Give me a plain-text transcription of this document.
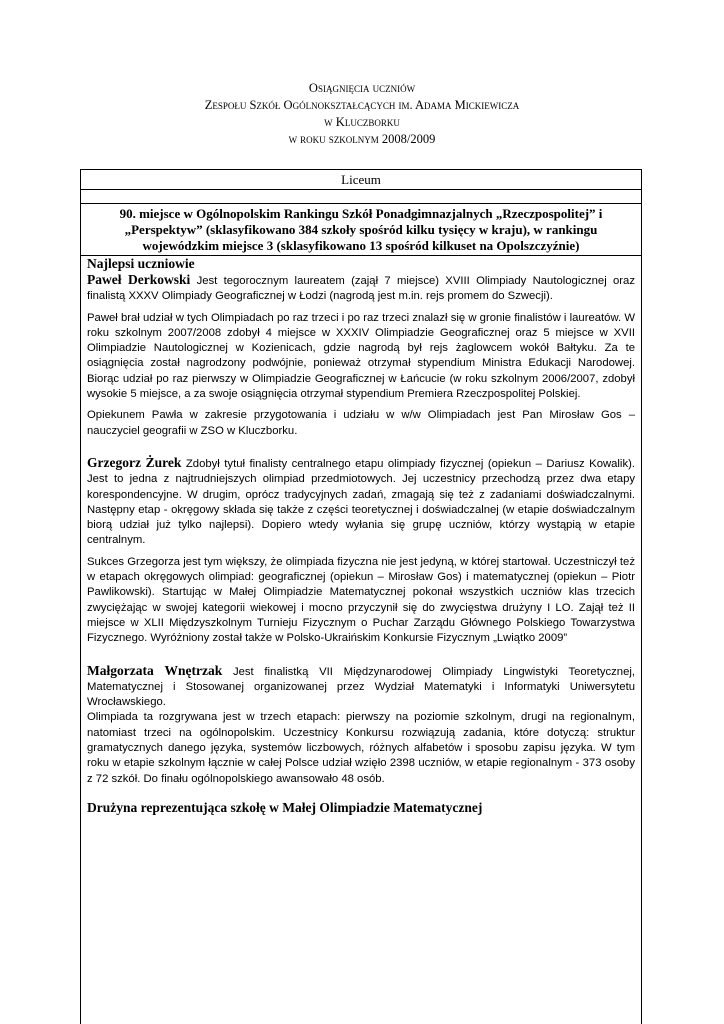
Osiągnięcia uczniów
Zespołu Szkół Ogólnokształcących im. Adama Mickiewicza
w Kluczborku
w roku szkolnym 2008/2009
Liceum
90. miejsce w Ogólnopolskim Rankingu Szkół Ponadgimnazjalnych „Rzeczpospolitej” i „Perspektyw” (sklasyfikowano 384 szkoły spośród kilku tysięcy w kraju), w rankingu wojewódzkim miejsce 3 (sklasyfikowano 13 spośród kilkuset na Opolszczyźnie)
Najlepsi uczniowie

Paweł Derkowski Jest tegorocznym laureatem (zajął 7 miejsce) XVIII Olimpiady Nautologicznej oraz finalistą XXXV Olimpiady Geograficznej w Łodzi (nagrodą jest m.in. rejs promem do Szwecji).

Paweł brał udział w tych Olimpiadach po raz trzeci i po raz trzeci znalazł się w gronie finalistów i laureatów. W roku szkolnym 2007/2008 zdobył 4 miejsce w XXXIV Olimpiadzie Geograficznej oraz 5 miejsce w XVII Olimpiadzie Nautologicznej w Kozienicach, gdzie nagrodą był rejs żaglowcem wokół Bałtyku. Za te osiągnięcia został nagrodzony podwójnie, ponieważ otrzymał stypendium Ministra Edukacji Narodowej. Biorąc udział po raz pierwszy w Olimpiadzie Geograficznej w Łańcucie (w roku szkolnym 2006/2007, zdobył wysokie 5 miejsce, a za swoje osiągnięcia otrzymał stypendium Premiera Rzeczpospolitej Polskiej.

Opiekunem Pawła w zakresie przygotowania i udziału w w/w Olimpiadach jest Pan Mirosław Gos – nauczyciel geografii w ZSO w Kluczborku.

Grzegorz Żurek Zdobył tytuł finalisty centralnego etapu olimpiady fizycznej (opiekun – Dariusz Kowalik). Jest to jedna z najtrudniejszych olimpiad przedmiotowych. Jej uczestnicy przechodzą przez dwa etapy korespondencyjne. W drugim, oprócz tradycyjnych zadań, zmagają się też z zadaniami doświadczalnymi. Następny etap - okręgowy składa się także z części teoretycznej i doświadczalnej (w etapie doświadczalnym biorą udział już tylko najlepsi). Dopiero wtedy wyłania się grupę uczniów, którzy wystąpią w etapie centralnym.

Sukces Grzegorza jest tym większy, że olimpiada fizyczna nie jest jedyną, w której startował. Uczestniczył też w etapach okręgowych olimpiad: geograficznej (opiekun – Mirosław Gos) i matematycznej (opiekun – Piotr Pawlikowski). Startując w Małej Olimpiadzie Matematycznej pokonał wszystkich uczniów klas trzecich zwyciężając w swojej kategorii wiekowej i mocno przyczynił się do zwycięstwa drużyny I LO. Zajął też II miejsce w XLII Międzyszkolnym Turnieju Fizycznym o Puchar Zarządu Głównego Polskiego Towarzystwa Fizycznego. Wyróżniony został także w Polsko-Ukraińskim Konkursie Fizycznym „Lwiątko 2009”

Małgorzata Wnętrzak Jest finalistką VII Międzynarodowej Olimpiady Lingwistyki Teoretycznej, Matematycznej i Stosowanej organizowanej przez Wydział Matematyki i Informatyki Uniwersytetu Wrocławskiego.

Olimpiada ta rozgrywana jest w trzech etapach: pierwszy na poziomie szkolnym, drugi na regionalnym, natomiast trzeci na ogólnopolskim. Uczestnicy Konkursu rozwiązują zadania, które dotyczą: struktur gramatycznych danego języka, systemów liczbowych, różnych alfabetów i sposobu zapisu języka. W tym roku w etapie szkolnym łącznie w całej Polsce udział wzięło 2398 uczniów, w etapie regionalnym - 373 osoby z 72 szkół. Do finału ogólnopolskiego awansowało 48 osób.

Drużyna reprezentująca szkołę w Małej Olimpiadzie Matematycznej
